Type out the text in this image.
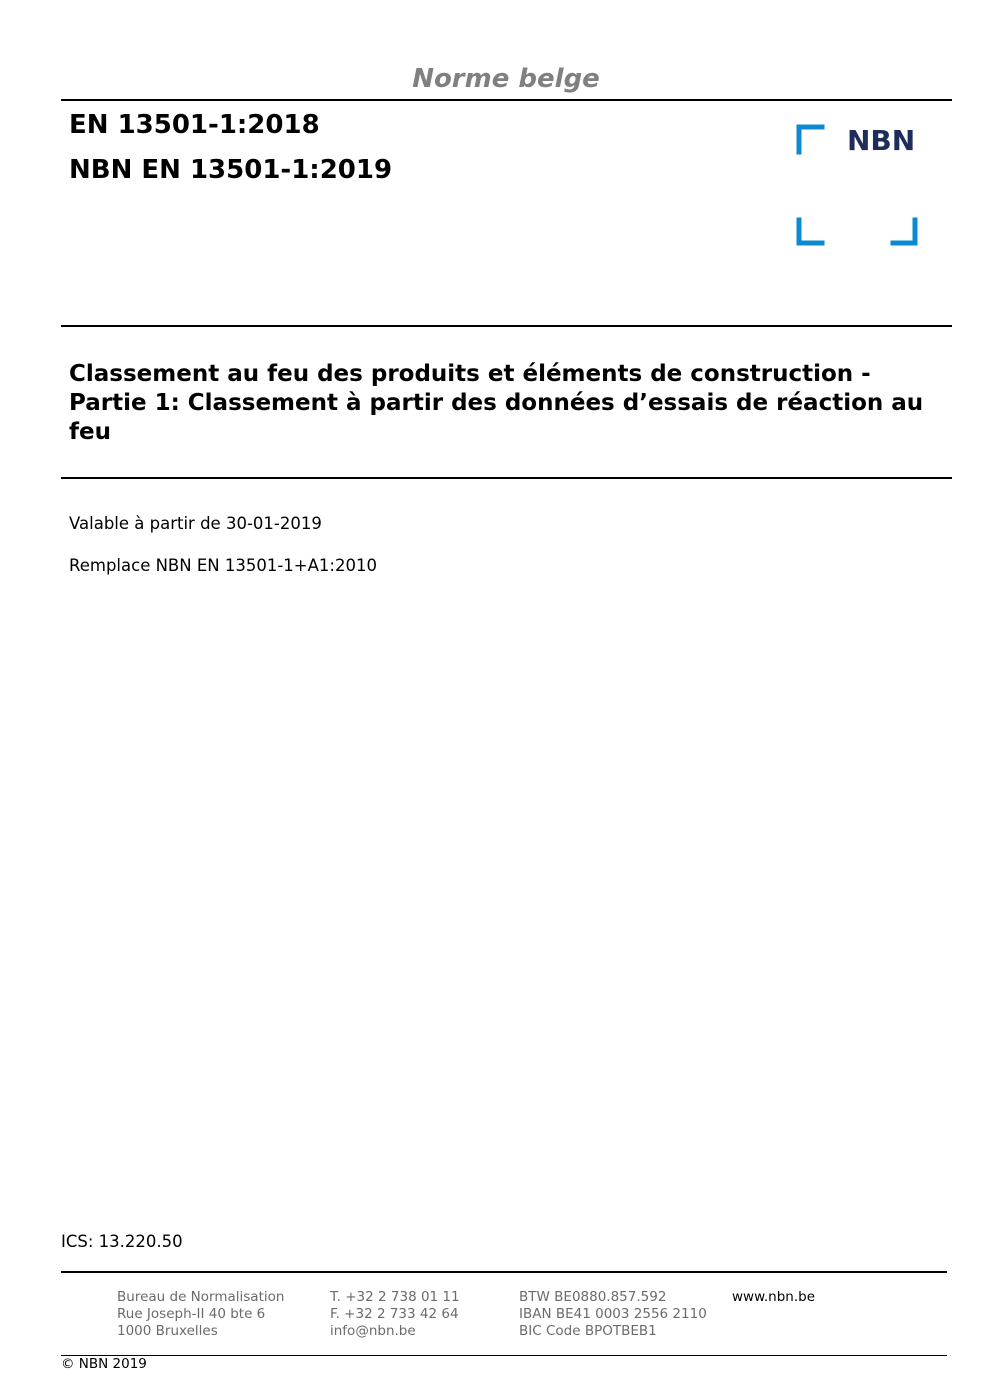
Norme belge
EN 13501-1:2018
NBN EN 13501-1:2019
NBN
Classement au feu des produits et éléments de construction -
Partie 1: Classement à partir des données d’essais de réaction au
feu
Valable à partir de 30-01-2019
Remplace NBN EN 13501-1+A1:2010
ICS: 13.220.50
Bureau de Normalisation
Rue Joseph-II 40 bte 6
1000 Bruxelles
T. +32 2 738 01 11
F. +32 2 733 42 64
info@nbn.be
BTW BE0880.857.592
IBAN BE41 0003 2556 2110
BIC Code BPOTBEB1
www.nbn.be
© NBN 2019
